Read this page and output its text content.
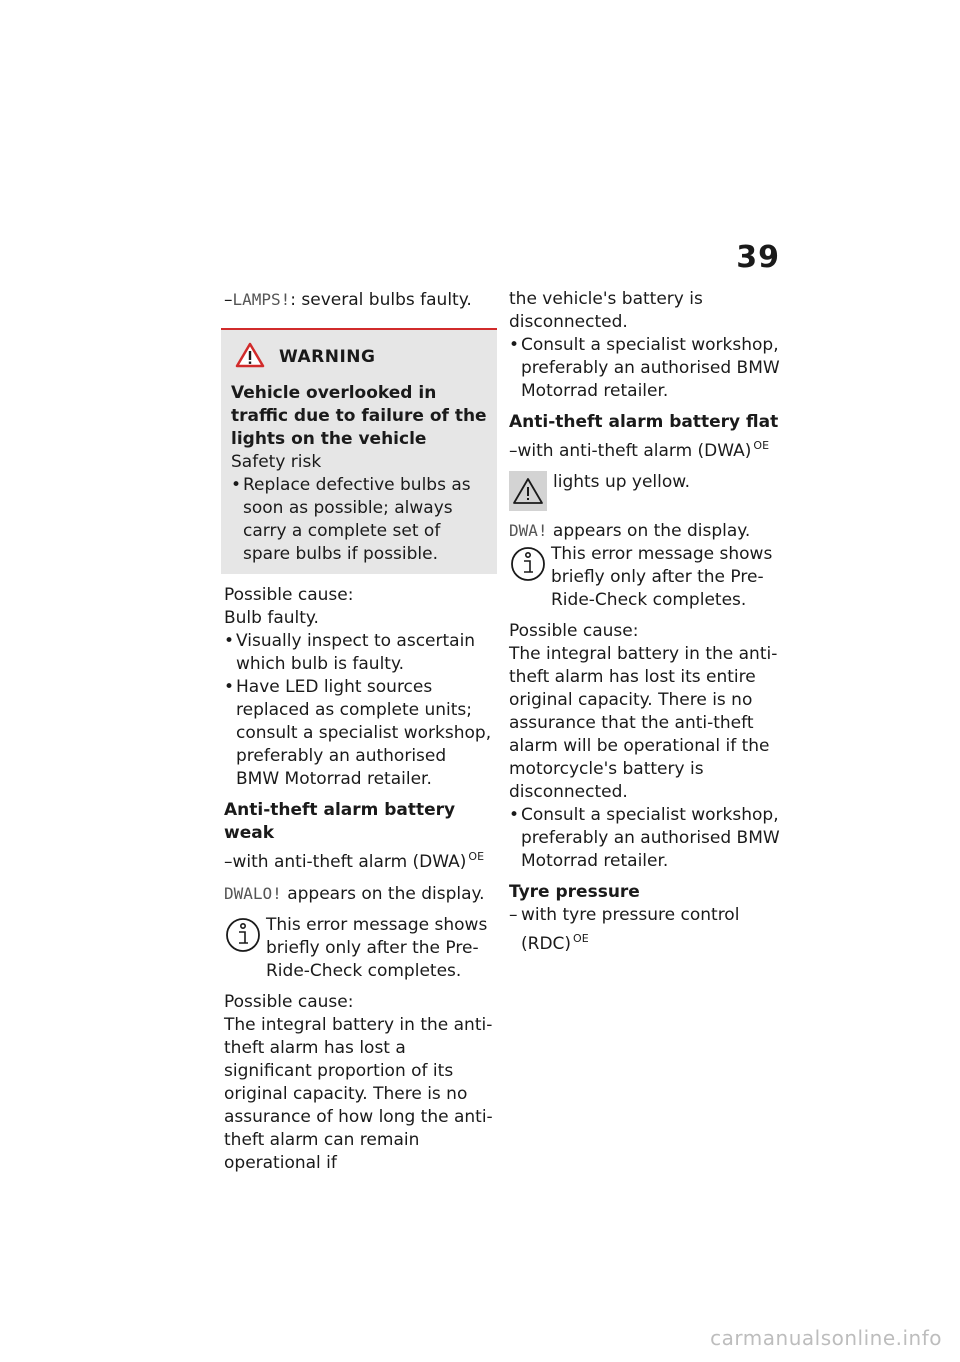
39

–LAMPS!: several bulbs faulty.

WARNING

Vehicle overlooked in traffic due to failure of the lights on the vehicle

Safety risk

• Replace defective bulbs as soon as possible; always carry a complete set of spare bulbs if possible.

Possible cause:

Bulb faulty.

• Visually inspect to ascertain which bulb is faulty.

• Have LED light sources replaced as complete units; consult a specialist workshop, preferably an authorised BMW Motorrad retailer.

Anti-theft alarm battery weak

–with anti-theft alarm (DWA) $^{OE}$

DWALO! appears on the display.

This error message shows briefly only after the Pre-Ride-Check completes.

Possible cause:

The integral battery in the anti-theft alarm has lost a significant proportion of its original capacity. There is no assurance of how long the anti-theft alarm can remain operational if

the vehicle's battery is disconnected.

• Consult a specialist workshop, preferably an authorised BMW Motorrad retailer.

Anti-theft alarm battery flat

–with anti-theft alarm (DWA) $^{OE}$

lights up yellow.

DWA! appears on the display.

This error message shows briefly only after the Pre-Ride-Check completes.

Possible cause:

The integral battery in the anti-theft alarm has lost its entire original capacity. There is no assurance that the anti-theft alarm will be operational if the motorcycle's battery is disconnected.

• Consult a specialist workshop, preferably an authorised BMW Motorrad retailer.

Tyre pressure

– with tyre pressure control (RDC) $^{OE}$

carmanualsonline.info
